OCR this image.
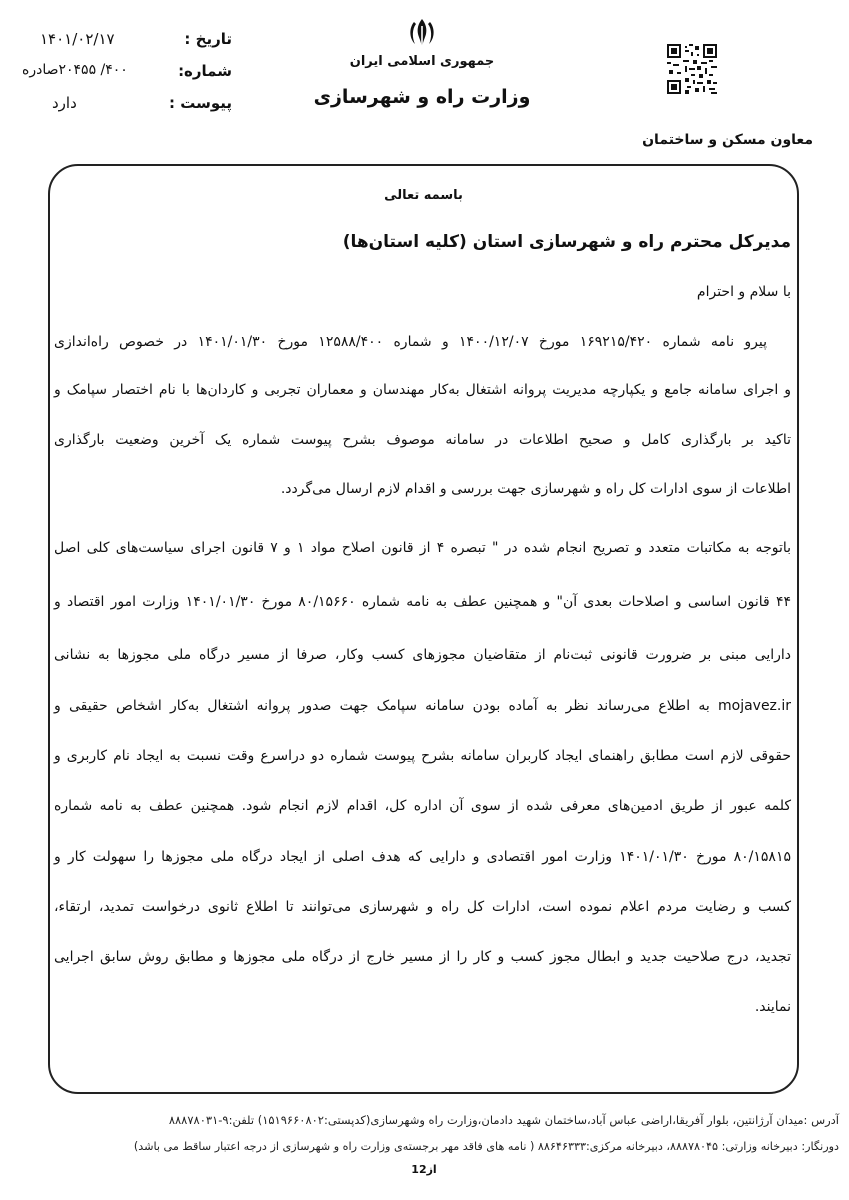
تاریخ :
۱۴۰۱/۰۲/۱۷
شماره:
۴۰۰/ ۲۰۴۵۵صادره
پیوست :
دارد
جمهوری اسلامی ایران
وزارت راه و شهرسازی
معاون مسکن و ساختمان
باسمه تعالی
مدیرکل محترم راه و شهرسازی استان (کلیه استان‌ها)
با سلام و احترام
پیرو نامه شماره ۱۶۹۲۱۵/۴۲۰ مورخ ۱۴۰۰/۱۲/۰۷ و شماره ۱۲۵۸۸/۴۰۰ مورخ ۱۴۰۱/۰۱/۳۰ در خصوص راه‌اندازی
و اجرای سامانه جامع و یکپارچه مدیریت پروانه اشتغال به‌کار مهندسان و معماران تجربی و کاردان‌ها با نام اختصار سپامک و
تاکید بر بارگذاری کامل و صحیح اطلاعات در سامانه موصوف بشرح پیوست شماره یک آخرین وضعیت بارگذاری
اطلاعات از سوی ادارات کل راه و شهرسازی جهت بررسی و اقدام لازم ارسال می‌گردد.
باتوجه به مکاتبات متعدد و تصریح انجام شده در " تبصره ۴ از قانون اصلاح مواد ۱ و ۷ قانون اجرای سیاست‌های کلی اصل
۴۴ قانون اساسی و اصلاحات بعدی آن" و همچنین عطف به نامه شماره ۸۰/۱۵۶۶۰ مورخ ۱۴۰۱/۰۱/۳۰ وزارت امور اقتصاد و
دارایی مبنی بر ضرورت قانونی ثبت‌نام از متقاضیان مجوزهای کسب وکار، صرفا از مسیر درگاه ملی مجوزها به نشانی
mojavez.ir به اطلاع می‌رساند نظر به آماده بودن سامانه سپامک جهت صدور پروانه اشتغال به‌کار اشخاص حقیقی و
حقوقی لازم است مطابق راهنمای ایجاد کاربران سامانه بشرح پیوست شماره دو دراسرع وقت نسبت به ایجاد نام کاربری و
کلمه عبور از طریق ادمین‌های معرفی شده از سوی آن اداره کل، اقدام لازم انجام شود. همچنین عطف به نامه شماره
۸۰/۱۵۸۱۵ مورخ ۱۴۰۱/۰۱/۳۰ وزارت امور اقتصادی و دارایی که هدف اصلی از ایجاد درگاه ملی مجوزها را سهولت کار و
کسب و رضایت مردم اعلام نموده است، ادارات کل راه و شهرسازی می‌توانند تا اطلاع ثانوی درخواست تمدید، ارتقاء،
تجدید، درج صلاحیت جدید و ابطال مجوز کسب و کار را از مسیر خارج از درگاه ملی مجوزها و مطابق روش سابق اجرایی
نمایند.
آدرس :میدان آرژانتین، بلوار آفریقا،اراضی عباس آباد،ساختمان شهید دادمان،وزارت راه وشهرسازی(کدپستی:۱۵۱۹۶۶۰۸۰۲) تلفن:۹-۸۸۸۷۸۰۳۱
دورنگار: دبیرخانه وزارتی: ۸۸۸۷۸۰۴۵، دبیرخانه مرکزی:۸۸۶۴۶۳۳۳ ( نامه های فاقد مهر برجسته‌ی وزارت راه و شهرسازی از درجه اعتبار ساقط می باشد)
1از2
